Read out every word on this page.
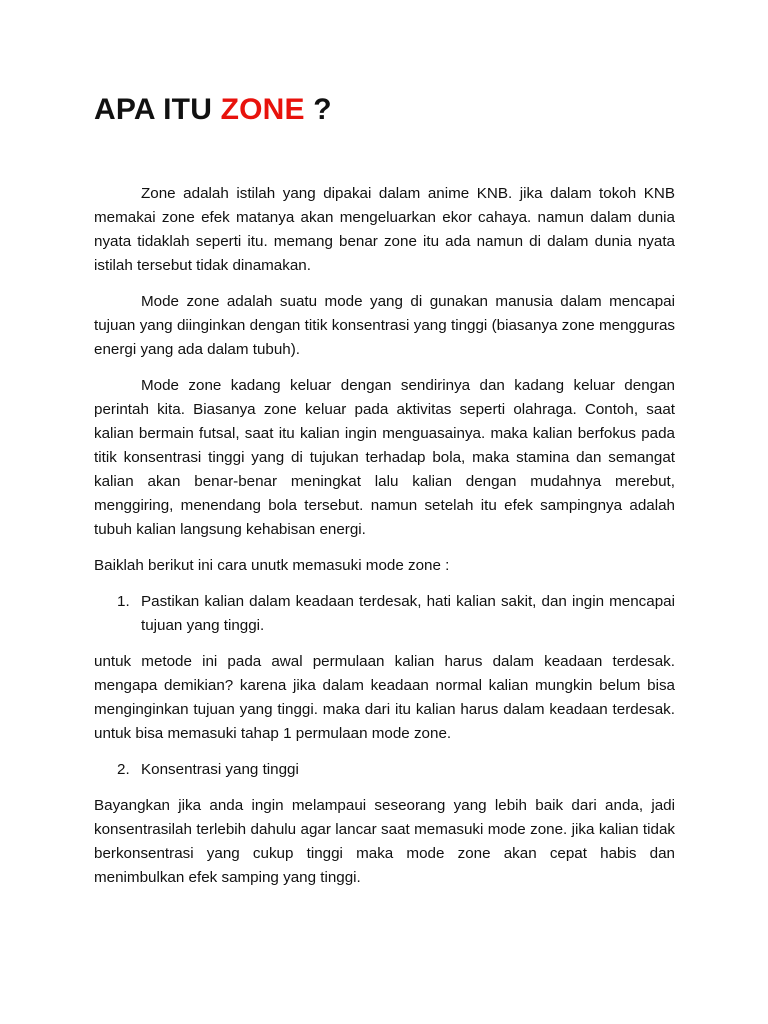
APA ITU ZONE ?

Zone adalah istilah yang dipakai dalam anime KNB. jika dalam tokoh KNB memakai zone efek matanya akan mengeluarkan ekor cahaya. namun dalam dunia nyata tidaklah seperti itu. memang benar zone itu ada namun di dalam dunia nyata istilah tersebut tidak dinamakan.

Mode zone adalah suatu mode yang di gunakan manusia dalam mencapai tujuan yang diinginkan dengan titik konsentrasi yang tinggi (biasanya zone mengguras energi yang ada dalam tubuh).

Mode zone kadang keluar dengan sendirinya dan kadang keluar dengan perintah kita. Biasanya zone keluar pada aktivitas seperti olahraga. Contoh, saat kalian bermain futsal, saat itu kalian ingin menguasainya. maka kalian berfokus pada titik konsentrasi tinggi yang di tujukan terhadap bola, maka stamina dan semangat kalian akan benar-benar meningkat lalu kalian dengan mudahnya merebut, menggiring, menendang bola tersebut. namun setelah itu efek sampingnya adalah tubuh kalian langsung kehabisan energi.

Baiklah berikut ini cara unutk memasuki mode zone :

1. Pastikan kalian dalam keadaan terdesak, hati kalian sakit, dan ingin mencapai tujuan yang tinggi.

untuk metode ini pada awal permulaan kalian harus dalam keadaan terdesak. mengapa demikian? karena jika dalam keadaan normal kalian mungkin belum bisa menginginkan tujuan yang tinggi. maka dari itu kalian harus dalam keadaan terdesak. untuk bisa memasuki tahap 1 permulaan mode zone.

2. Konsentrasi yang tinggi

Bayangkan jika anda ingin melampaui seseorang yang lebih baik dari anda, jadi konsentrasilah terlebih dahulu agar lancar saat memasuki mode zone. jika kalian tidak berkonsentrasi yang cukup tinggi maka mode zone akan cepat habis dan menimbulkan efek samping yang tinggi.
